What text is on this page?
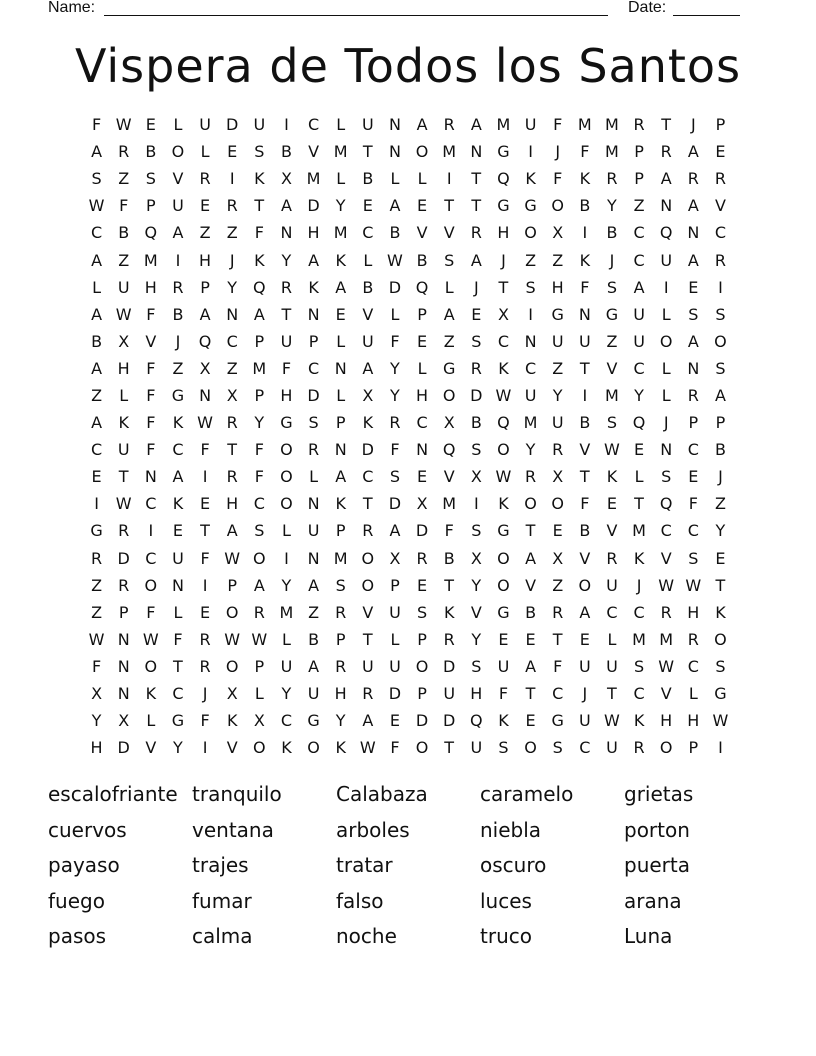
Name:	Date:
Vispera de Todos los Santos
F W E	L	U D U	I	C	L	U N A	R	A M U	F M M R	T	J	P
A	R	B O	L	E	S	B	V M T	N O M N G	I	J	F M P	R	A	E
S	Z	S	V	R	I	K	X M L	B	L	L	I	T Q K	F	K	R	P	A	R	R
W F	P	U	E	R	T	A D	Y	E	A	E	T	T	G G O B	Y	Z N A	V
C	B Q A	Z	Z	F	N H M C	B	V	V	R H O X	I	B	C Q N C
A	Z M	I	H	J	K	Y	A	K	L W B	S	A	J	Z	Z	K	J	C U A	R
L	U H R	P	Y Q R	K	A	B D Q	L	J	T	S	H	F	S	A	I	E	I
A W F	B	A N A	T	N	E	V	L	P	A	E	X	I	G N G U	L	S	S
B	X	V	J	Q C	P	U	P	L	U	F	E	Z	S	C N U U Z U O A O
A H	F	Z	X	Z M F	C N A	Y	L	G R	K	C	Z	T	V	C	L	N	S
Z	L	F	G N X	P	H D	L	X	Y	H O D W U	Y	I	M Y	L	R	A
A	K	F	K W R	Y	G S	P	K	R C	X	B Q M U B	S Q	J	P	P
C U	F	C	F	T	F	O R N D	F	N Q S O Y	R	V W E	N C	B
E	T	N A	I	R	F	O	L	A	C	S	E	V	X W R	X	T	K	L	S	E	J
I	W C	K	E	H C O N K	T	D X M	I	K O O	F	E	T Q	F	Z
G R	I	E	T	A	S	L	U	P	R	A D	F	S G	T	E	B	V M C C	Y
R D C U	F W O	I	N M O X	R	B	X O A	X	V	R	K	V	S	E
Z	R O N	I	P	A	Y	A	S O	P	E	T	Y O V	Z O U	J	W W T
Z	P	F	L	E O R M Z	R	V U	S	K	V G B	R	A	C C R H K
W N W F	R W W L	B	P	T	L	P	R	Y	E	E	T	E	L M M R O
F	N O T	R O	P	U A	R U U O D S	U A	F	U U	S W C	S
X N K	C	J	X	L	Y	U H R D	P	U H	F	T	C	J	T	C	V	L	G
Y	X	L	G	F	K	X	C G	Y	A	E D D Q K	E G U W K H H W
H D V	Y	I	V O K O K W F	O T	U	S O S	C U R O	P	I
escalofriante tranquilo	Calabaza	caramelo	grietas
cuervos	ventana	arboles	niebla	porton
payaso	trajes	tratar	oscuro	puerta
fuego	fumar	falso	luces	arana
pasos	calma	noche	truco	Luna
